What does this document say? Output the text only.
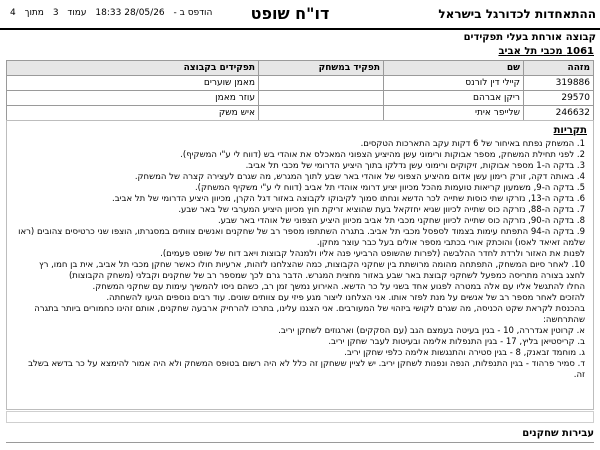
ההתאחדות לכדורגל בישראל
דו"ח שופט
הודפס ב - 18:33 28/05/26 עמוד 3 מתוך 4
קבוצה אורחת בעלי תפקידים
1061 מכבי תל אביב
מזהה	שם	תפקיד במשחק	תפקידים בקבוצה
319886	קיילי דין לורנס		מאמן שוערים
29570	ריקן אברהם		עוזר מאמן
246632	שלייפר איתי		איש משק
תקריות
1. המשחק נפתח באיחור של 6 דקות עקב התארכות הטקסים.
2. לפני תחילת המשחק, מספר אבוקות ורימוני עשן מהיציע הצפוני המאכלס את אוהדי בש (דווח לי ע"י המשקיף).
3. בדקה ה-1 מספר אבוקות, זיקוקים ורימוני עשן נדלקו בתוך היציע הדרומי של מכבי תל אביב.
4. באותה דקה, זורק רימון עשן אדום מהיציע הצפוני של אוהדי באר שבע לתוך המגרש, מה שגרם לעצירה קצרה של המשחק.
5. בדקה ה-9, משמעון קריאות טועמות מהכל מכיוון יציע דרומי אוהדי תל אביב (דווח לי ע"י משקיף המשחק).
6. בדקה ה-13, נזרקו שתי כוסות שתייה לכר הדשא ונחתו סמוך לקיבוקו לקבוצה באזור דגל הקרן, מכיוון היציע הדרומי של תל אביב.
7. בדקה ה-88, נזרקה כוס שתייה לכיוון שגיא יחזקאל בעת שהוציא זריקת חוץ מכיוון היציע המערבי של באר שבע.
8. בדקה ה-90, נזרקה כוס שתייה לכיוון שחקני מכבי תל אביב מכיוון היציע הצפוני של אוהדי באר שבע.
9. בדקה ה-94 התפתח עימות בצמוד לספסל מכבי תל אביב. בתגרה השתתפו מספר רב של שחקנים ואנשים צוותים במסגרתו, הוצפו שני כרטיסים צהובים (ראו שלמה זאיאד לאסו) והוכתק אורי בכתבי מספר אולים בעל כבר עוצר מחקן.
לפנות את האזור ולרדת לחדר ההלבשה (לפרות שהשופט הרביעי פנה אליו ולמנהל קבוצות ויאב דוח של שופט פעמים).
10. לאחר סיום המשחק, התפתחה מהומה מרושתת בין שחקני הקבוצות, כמה שהצלחנו לזהות, ארעיות חולו כאשר שחקן מכבי תל אביב, אית בן חמו, רץ
לחצג בצורה מתריסה כמפעל לשחקני קבוצת באר שבע באזור מחצית המגרש. הדבר גרם לכך שמספר רב של שחקנים וקבלני (משחק הקבוצות)
החלו להתגשל אליו עם אלה במטרה לפגוע אחד בשני על כר הדשא. האירוע נמשך זמן רב, כשהם ניסו להמשיך עימות עם שחקני המשחק.
להזכים לאחר מספר רב של אנשים על מנת לפזר אותו. אני הצלחנו ליצור מגע פיזי עם צוותים שונים. עוד רבים נוספים הגיעו להשחתה.
בהכנסת לקראת שקט הכניסה, מה שגרם לקושי ביזהוי של המעורבים. אני הצגנו עלינו, בתרכו להרחיק ארבעה שחקנים, אותם זהינו כחמורים ביותר בתגרה
שהתרחשה:
א. קרוטין אגדררה, 10 - בגין בעיטה בעמצם הגב (עם הסקקים) וארגוזים לשחקן יריב.
ב. קריסטיאן בליץ, 17 - בגין התנפלות אלימה ובעיטות לעבר שחקן יריב.
ג. מוחמד זבאנק, 8 - בגין סטירה והתנגשות אלימה כלפי שחקן יריב.
ד. סמיר פרהוד - בגין התנפלות, הנפה ונפנות לשחקן יריב. יש לציין ששחקן זה כלל לא היה רשום בטופס המשחק ולא היה אמור להימצא על כר בדשא בשלב
זה.
עבירות שחקנים
